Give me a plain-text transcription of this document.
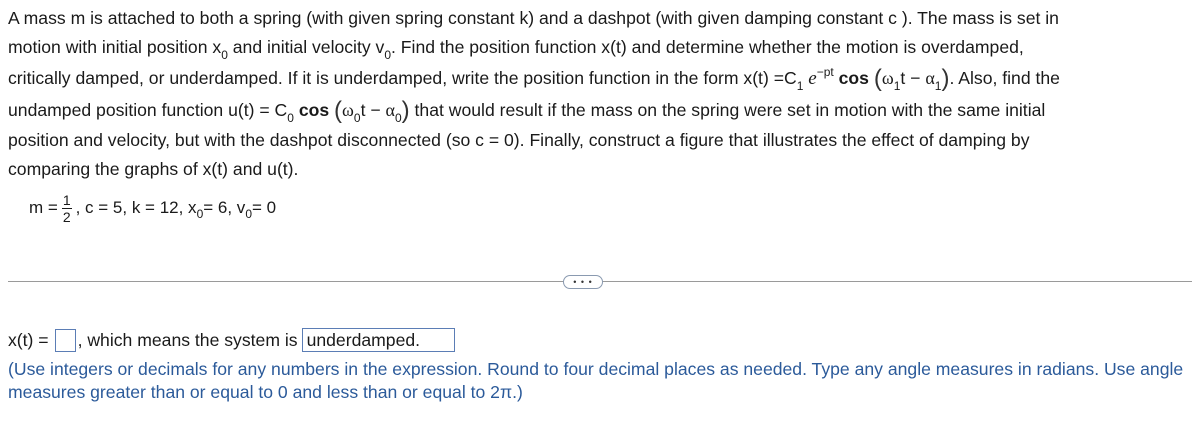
A mass m is attached to both a spring (with given spring constant k) and a dashpot (with given damping constant c ). The mass is set in

motion with initial position $x_0$ and initial velocity $v_0$. Find the position function x(t) and determine whether the motion is overdamped,

critically damped, or underdamped. If it is underdamped, write the position function in the form $x(t) =C_1$ $e^{-pt}$ $\cos (\omega_1t - \alpha_1)$. Also, find the

undamped position function $u(t) = C_0$ $\cos (\omega_0t - \alpha_0)$ that would result if the mass on the spring were set in motion with the same initial

position and velocity, but with the dashpot disconnected (so c = 0). Finally, construct a figure that illustrates the effect of damping by

comparing the graphs of x(t) and u(t).

$m = \frac{1}{2}$ , c = 5, k = 12, x 0 = 6, v 0 = 0
• • •
x(t) = , which means the system is underdamped.
(Use integers or decimals for any numbers in the expression. Round to four decimal places as needed. Type any angle measures in radians. Use angle measures greater than or equal to 0 and less than or equal to 2π.)
